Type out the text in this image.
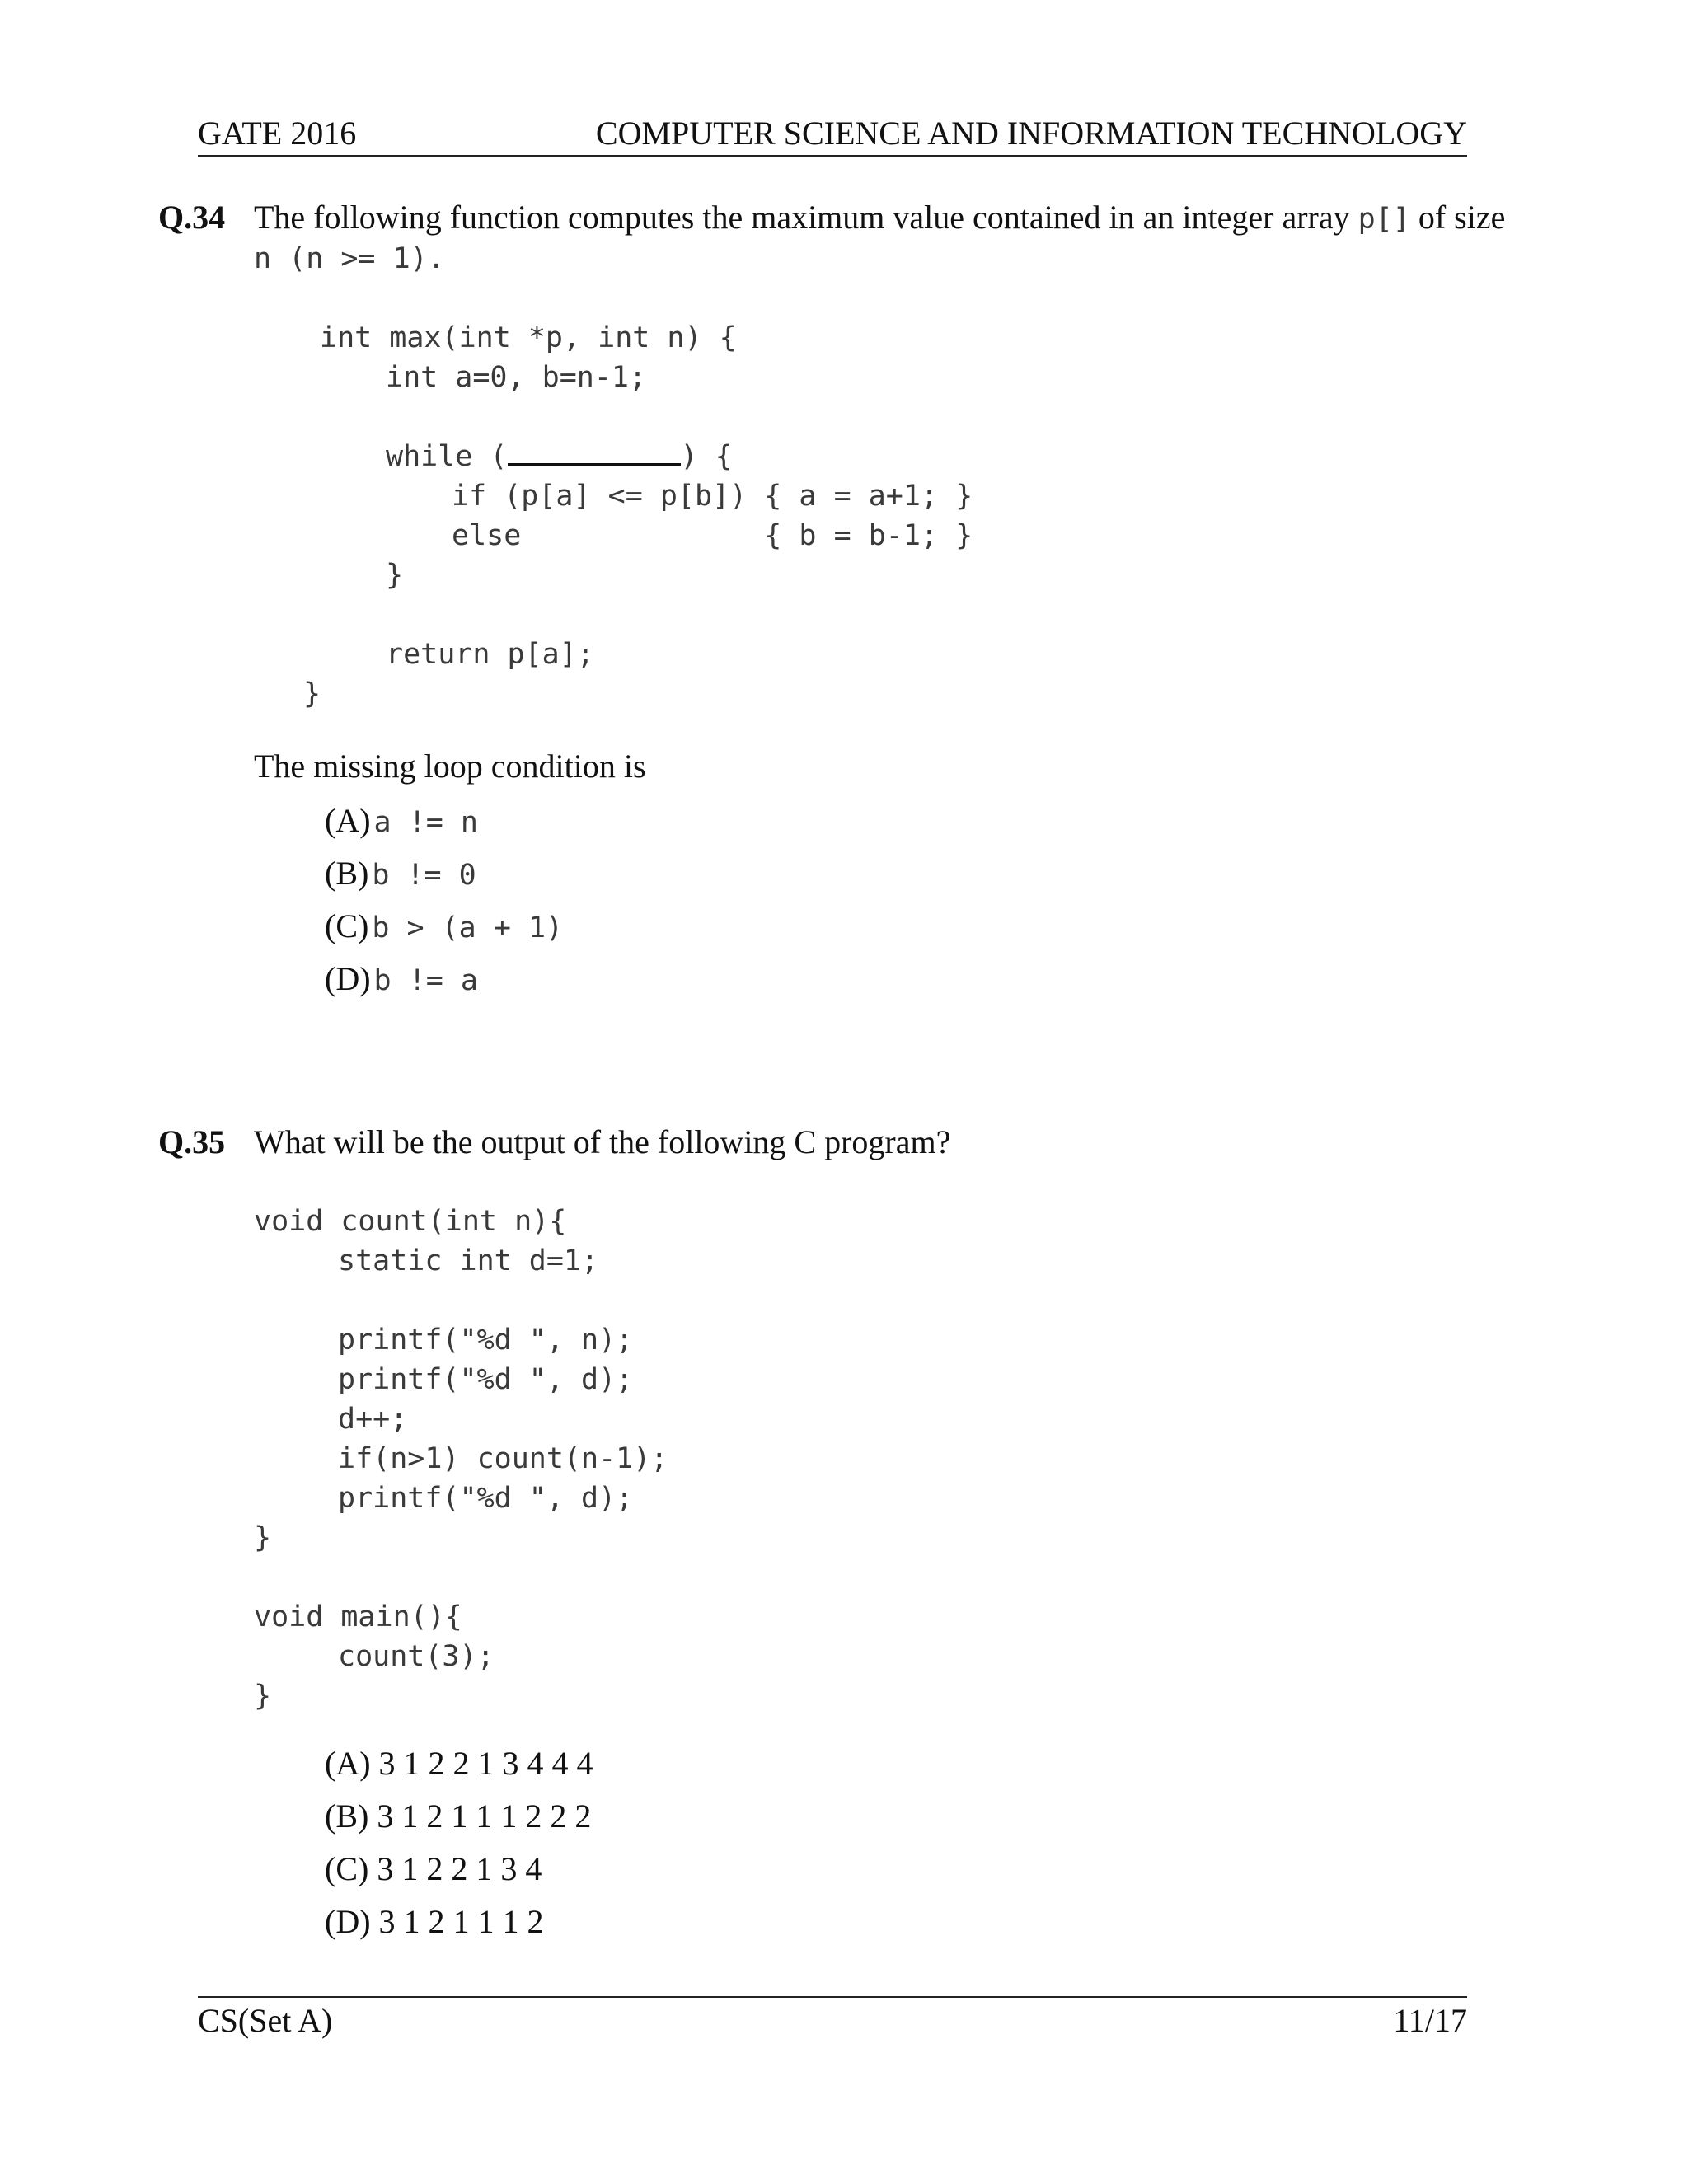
GATE 2016	COMPUTER SCIENCE AND INFORMATION TECHNOLOGY
Q.34 The following function computes the maximum value contained in an integer array p[] of size
n (n >= 1).
int max(int *p, int n) {
int a=0, b=n-1;
while (	) {
if (p[a] <= p[b]) { a = a+1; }
else              { b = b-1; }
}
return p[a];
}
The missing loop condition is
(A) a != n
(B) b != 0
(C) b > (a + 1)
(D) b != a
Q.35 What will be the output of the following C program?
void count(int n){
static int d=1;
printf("%d ", n);
printf("%d ", d);
d++;
if(n>1) count(n-1);
printf("%d ", d);
}
void main(){
count(3);
}
(A) 3 1 2 2 1 3 4 4 4
(B) 3 1 2 1 1 1 2 2 2
(C) 3 1 2 2 1 3 4
(D) 3 1 2 1 1 1 2
CS(Set A)	11/17
